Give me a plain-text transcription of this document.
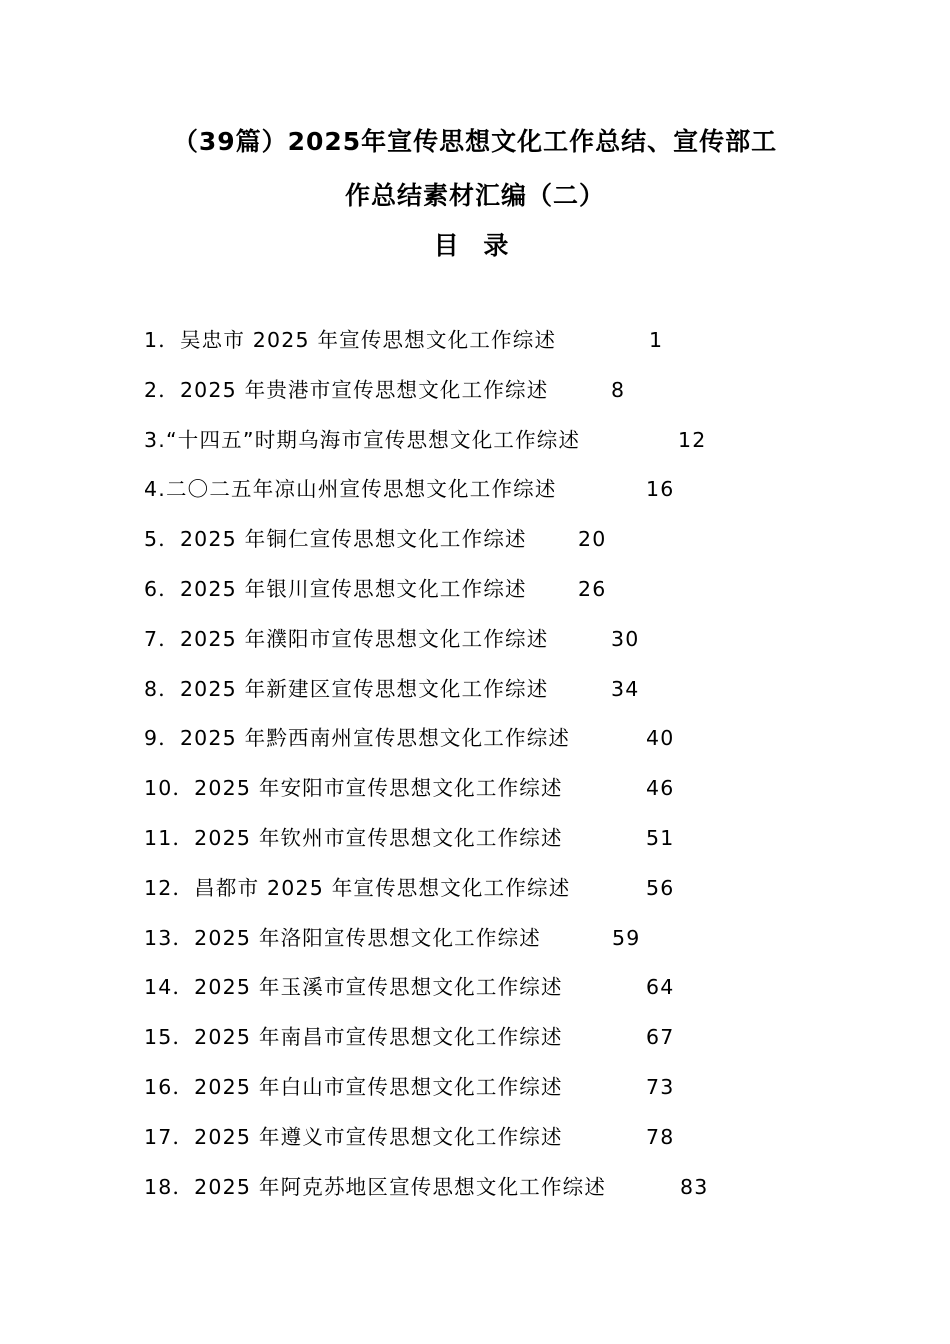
（39篇）2025年宣传思想文化工作总结、宣传部工
作总结素材汇编（二）
目 录
1．吴忠市 2025 年宣传思想文化工作综述	1
2．2025 年贵港市宣传思想文化工作综述	8
3.“十四五”时期乌海市宣传思想文化工作综述	12
4.二〇二五年凉山州宣传思想文化工作综述	16
5．2025 年铜仁宣传思想文化工作综述	20
6．2025 年银川宣传思想文化工作综述	26
7．2025 年濮阳市宣传思想文化工作综述	30
8．2025 年新建区宣传思想文化工作综述	34
9．2025 年黔西南州宣传思想文化工作综述	40
10．2025 年安阳市宣传思想文化工作综述	46
11．2025 年钦州市宣传思想文化工作综述	51
12．昌都市 2025 年宣传思想文化工作综述	56
13．2025 年洛阳宣传思想文化工作综述	59
14．2025 年玉溪市宣传思想文化工作综述	64
15．2025 年南昌市宣传思想文化工作综述	67
16．2025 年白山市宣传思想文化工作综述	73
17．2025 年遵义市宣传思想文化工作综述	78
18．2025 年阿克苏地区宣传思想文化工作综述	83
